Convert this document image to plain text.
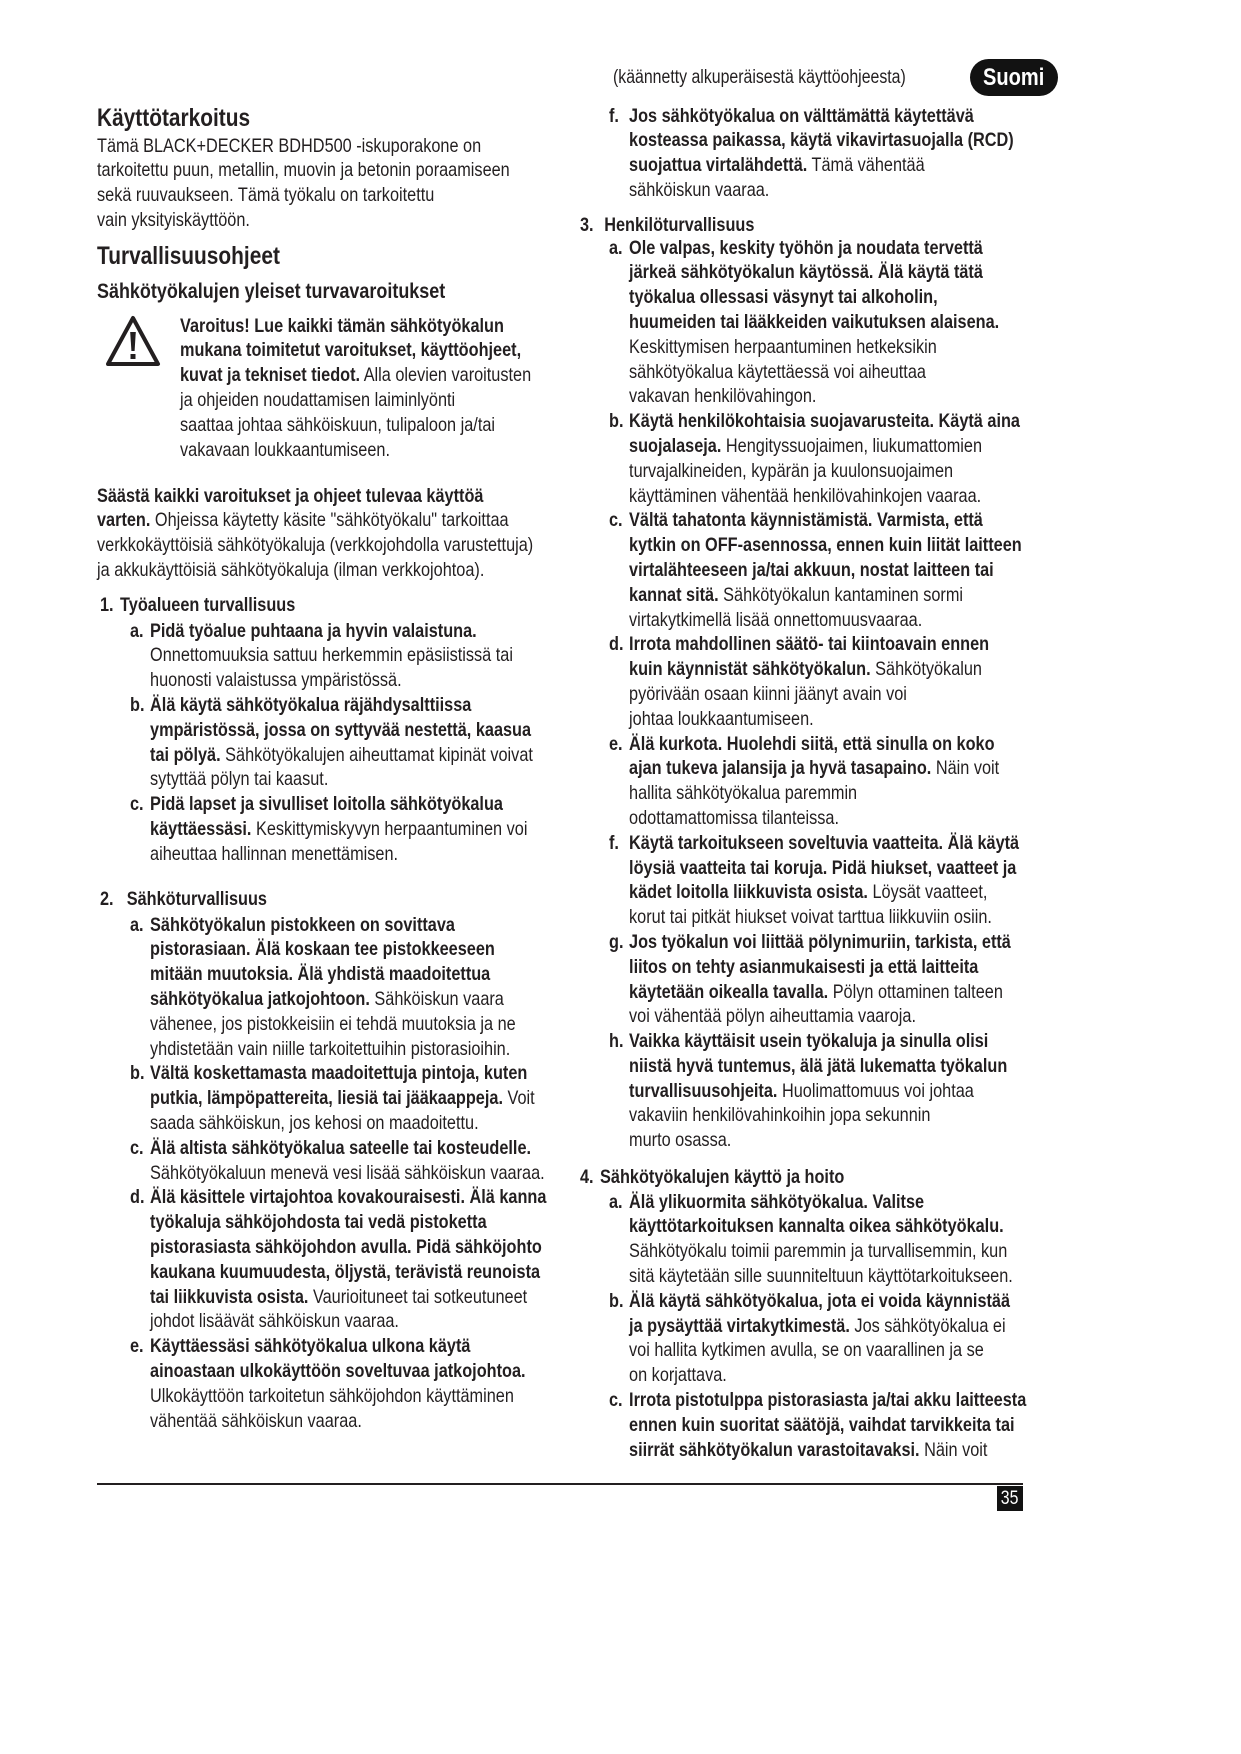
(käännetty alkuperäisestä käyttöohjeesta)	Suomi
Käyttötarkoitus
Tämä BLACK+DECKER BDHD500 -iskuporakone on
tarkoitettu puun, metallin, muovin ja betonin poraamiseen
sekä ruuvaukseen. Tämä työkalu on tarkoitettu
vain yksityiskäyttöön.
Turvallisuusohjeet
Sähkötyökalujen yleiset turvavaroitukset
Varoitus! Lue kaikki tämän sähkötyökalun
mukana toimitetut varoitukset, käyttöohjeet,
kuvat ja tekniset tiedot. Alla olevien varoitusten
ja ohjeiden noudattamisen laiminlyönti
saattaa johtaa sähköiskuun, tulipaloon ja/tai
vakavaan loukkaantumiseen.
Säästä kaikki varoitukset ja ohjeet tulevaa käyttöä
varten. Ohjeissa käytetty käsite "sähkötyökalu" tarkoittaa
verkkokäyttöisiä sähkötyökaluja (verkkojohdolla varustettuja)
ja akkukäyttöisiä sähkötyökaluja (ilman verkkojohtoa).
1. Työalueen turvallisuus
a. Pidä työalue puhtaana ja hyvin valaistuna.
Onnettomuuksia sattuu herkemmin epäsiistissä tai
huonosti valaistussa ympäristössä.
b. Älä käytä sähkötyökalua räjähdysalttiissa
ympäristössä, jossa on syttyvää nestettä, kaasua
tai pölyä. Sähkötyökalujen aiheuttamat kipinät voivat
sytyttää pölyn tai kaasut.
c. Pidä lapset ja sivulliset loitolla sähkötyökalua
käyttäessäsi. Keskittymiskyvyn herpaantuminen voi
aiheuttaa hallinnan menettämisen.
2. Sähköturvallisuus
a. Sähkötyökalun pistokkeen on sovittava
pistorasiaan. Älä koskaan tee pistokkeeseen
mitään muutoksia. Älä yhdistä maadoitettua
sähkötyökalua jatkojohtoon. Sähköiskun vaara
vähenee, jos pistokkeisiin ei tehdä muutoksia ja ne
yhdistetään vain niille tarkoitettuihin pistorasioihin.
b. Vältä koskettamasta maadoitettuja pintoja, kuten
putkia, lämpöpattereita, liesiä tai jääkaappeja. Voit
saada sähköiskun, jos kehosi on maadoitettu.
c. Älä altista sähkötyökalua sateelle tai kosteudelle.
Sähkötyökaluun menevä vesi lisää sähköiskun vaaraa.
d. Älä käsittele virtajohtoa kovakouraisesti. Älä kanna
työkaluja sähköjohdosta tai vedä pistoketta
pistorasiasta sähköjohdon avulla. Pidä sähköjohto
kaukana kuumuudesta, öljystä, terävistä reunoista
tai liikkuvista osista. Vaurioituneet tai sotkeutuneet
johdot lisäävät sähköiskun vaaraa.
e. Käyttäessäsi sähkötyökalua ulkona käytä
ainoastaan ulkokäyttöön soveltuvaa jatkojohtoa.
Ulkokäyttöön tarkoitetun sähköjohdon käyttäminen
vähentää sähköiskun vaaraa.
f. Jos sähkötyökalua on välttämättä käytettävä
kosteassa paikassa, käytä vikavirtasuojalla (RCD)
suojattua virtalähdettä. Tämä vähentää
sähköiskun vaaraa.
3. Henkilöturvallisuus
a. Ole valpas, keskity työhön ja noudata tervettä
järkeä sähkötyökalun käytössä. Älä käytä tätä
työkalua ollessasi väsynyt tai alkoholin,
huumeiden tai lääkkeiden vaikutuksen alaisena.
Keskittymisen herpaantuminen hetkeksikin
sähkötyökalua käytettäessä voi aiheuttaa
vakavan henkilövahingon.
b. Käytä henkilökohtaisia suojavarusteita. Käytä aina
suojalaseja. Hengityssuojaimen, liukumattomien
turvajalkineiden, kypärän ja kuulonsuojaimen
käyttäminen vähentää henkilövahinkojen vaaraa.
c. Vältä tahatonta käynnistämistä. Varmista, että
kytkin on OFF-asennossa, ennen kuin liität laitteen
virtalähteeseen ja/tai akkuun, nostat laitteen tai
kannat sitä. Sähkötyökalun kantaminen sormi
virtakytkimellä lisää onnettomuusvaaraa.
d. Irrota mahdollinen säätö- tai kiintoavain ennen
kuin käynnistät sähkötyökalun. Sähkötyökalun
pyörivään osaan kiinni jäänyt avain voi
johtaa loukkaantumiseen.
e. Älä kurkota. Huolehdi siitä, että sinulla on koko
ajan tukeva jalansija ja hyvä tasapaino. Näin voit
hallita sähkötyökalua paremmin
odottamattomissa tilanteissa.
f. Käytä tarkoitukseen soveltuvia vaatteita. Älä käytä
löysiä vaatteita tai koruja. Pidä hiukset, vaatteet ja
kädet loitolla liikkuvista osista. Löysät vaatteet,
korut tai pitkät hiukset voivat tarttua liikkuviin osiin.
g. Jos työkalun voi liittää pölynimuriin, tarkista, että
liitos on tehty asianmukaisesti ja että laitteita
käytetään oikealla tavalla. Pölyn ottaminen talteen
voi vähentää pölyn aiheuttamia vaaroja.
h. Vaikka käyttäisit usein työkaluja ja sinulla olisi
niistä hyvä tuntemus, älä jätä lukematta työkalun
turvallisuusohjeita. Huolimattomuus voi johtaa
vakaviin henkilövahinkoihin jopa sekunnin
murto osassa.
4. Sähkötyökalujen käyttö ja hoito
a. Älä ylikuormita sähkötyökalua. Valitse
käyttötarkoituksen kannalta oikea sähkötyökalu.
Sähkötyökalu toimii paremmin ja turvallisemmin, kun
sitä käytetään sille suunniteltuun käyttötarkoitukseen.
b. Älä käytä sähkötyökalua, jota ei voida käynnistää
ja pysäyttää virtakytkimestä. Jos sähkötyökalua ei
voi hallita kytkimen avulla, se on vaarallinen ja se
on korjattava.
c. Irrota pistotulppa pistorasiasta ja/tai akku laitteesta
ennen kuin suoritat säätöjä, vaihdat tarvikkeita tai
siirrät sähkötyökalun varastoitavaksi. Näin voit
35
